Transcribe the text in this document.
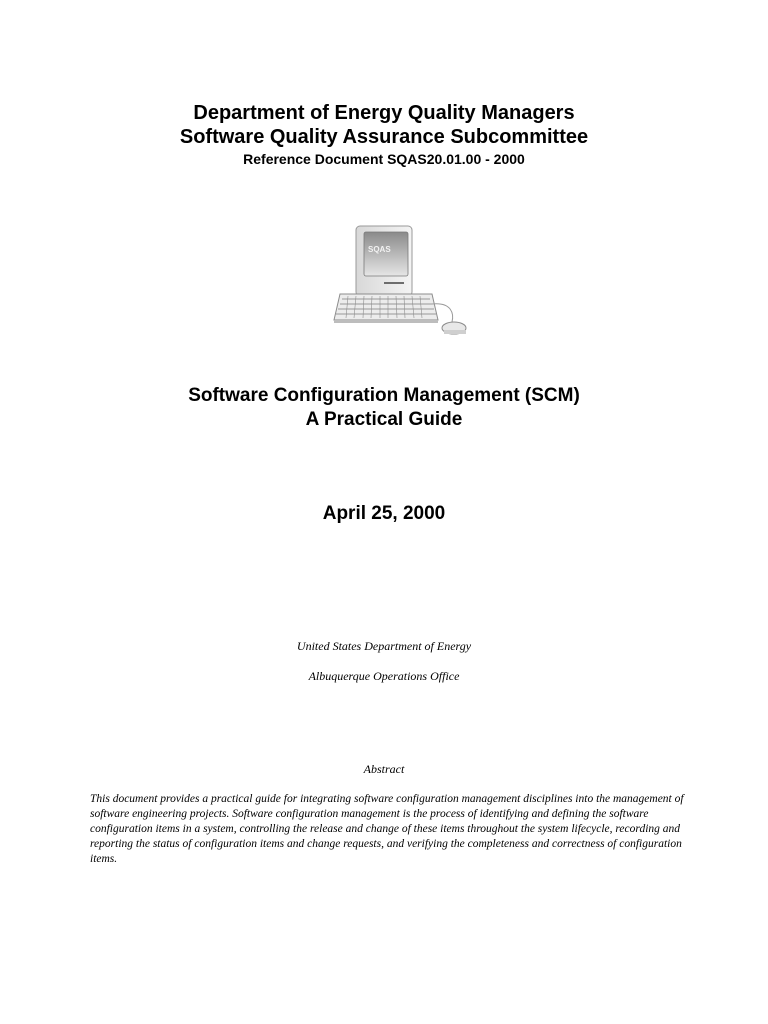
Department of Energy Quality Managers
Software Quality Assurance Subcommittee
Reference Document SQAS20.01.00 - 2000
SQAS
Software Configuration Management (SCM)
A Practical Guide
April 25, 2000

United States Department of Energy

Albuquerque Operations Office

Abstract

This document provides a practical guide for integrating software configuration management disciplines into the management of software engineering projects. Software configuration management is the process of identifying and defining the software configuration items in a system, controlling the release and change of these items throughout the system lifecycle, recording and reporting the status of configuration items and change requests, and verifying the completeness and correctness of configuration items.
